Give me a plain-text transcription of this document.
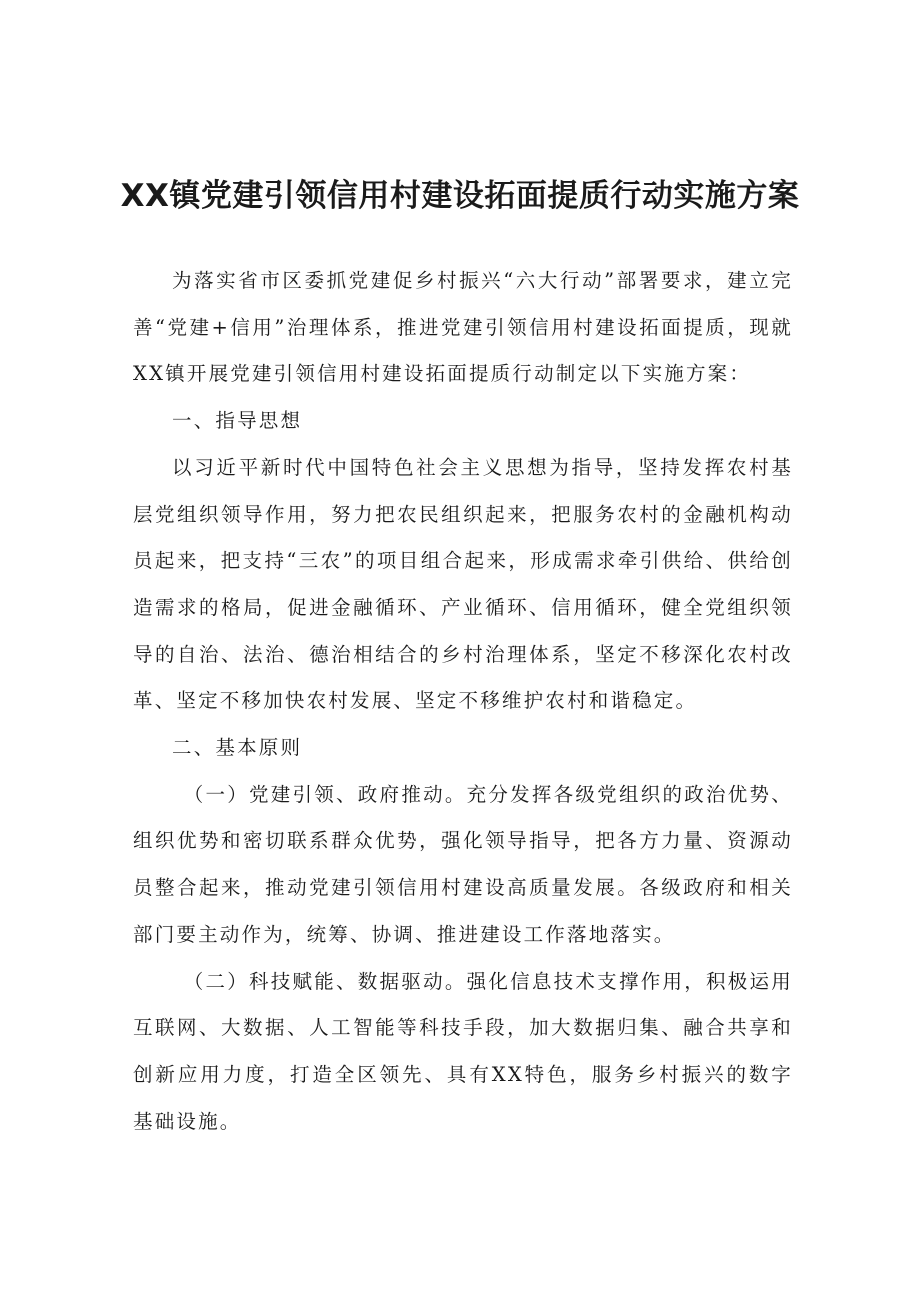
XX镇党建引领信用村建设拓面提质行动实施方案

为落实省市区委抓党建促乡村振兴“六大行动”部署要求，建立完善“党建+信用”治理体系，推进党建引领信用村建设拓面提质，现就XX镇开展党建引领信用村建设拓面提质行动制定以下实施方案：

一、指导思想

以习近平新时代中国特色社会主义思想为指导，坚持发挥农村基层党组织领导作用，努力把农民组织起来，把服务农村的金融机构动员起来，把支持“三农”的项目组合起来，形成需求牵引供给、供给创造需求的格局，促进金融循环、产业循环、信用循环，健全党组织领导的自治、法治、德治相结合的乡村治理体系，坚定不移深化农村改革、坚定不移加快农村发展、坚定不移维护农村和谐稳定。

二、基本原则

（一）党建引领、政府推动。充分发挥各级党组织的政治优势、组织优势和密切联系群众优势，强化领导指导，把各方力量、资源动员整合起来，推动党建引领信用村建设高质量发展。各级政府和相关部门要主动作为，统筹、协调、推进建设工作落地落实。

（二）科技赋能、数据驱动。强化信息技术支撑作用，积极运用互联网、大数据、人工智能等科技手段，加大数据归集、融合共享和创新应用力度，打造全区领先、具有XX特色，服务乡村振兴的数字基础设施。
